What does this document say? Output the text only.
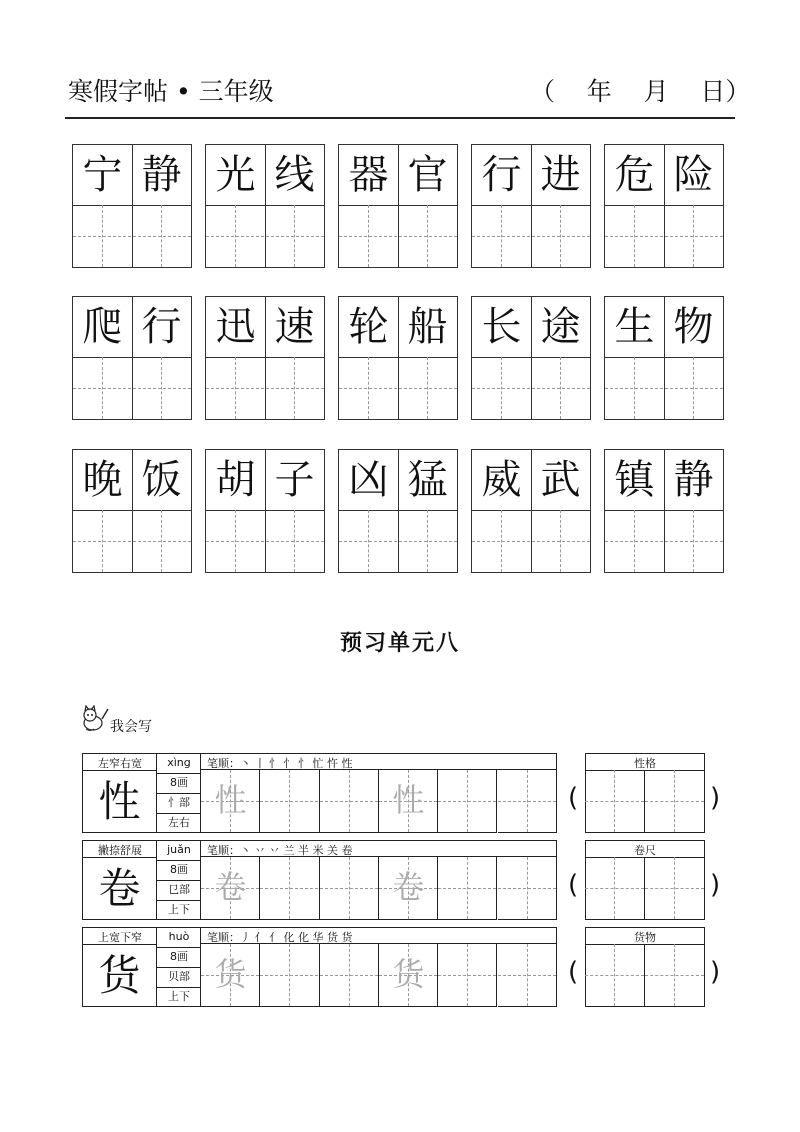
寒假字帖 • 三年级	（    年    月    日）
宁 静 光 线 器 官 行 进 危 险
爬 行 迅 速 轮 船 长 途 生 物
晚 饭 胡 子 凶 猛 威 武 镇 静
预习单元八
我会写
左窄右宽
性
xìng
8画
忄部
左右
笔顺：丶 丨 忄 忄 忄 忙 忤 性
性	性
性格
(	)
撇捺舒展
卷
juǎn
8画
㔾部
上下
笔顺：丶 丷 丷 兰 半 米 关 卷
卷	卷
卷尺
(	)
上宽下窄
货
huò
8画
贝部
上下
笔顺：丿 亻 亻 化 化 华 货 货
货	货
货物
(	)
